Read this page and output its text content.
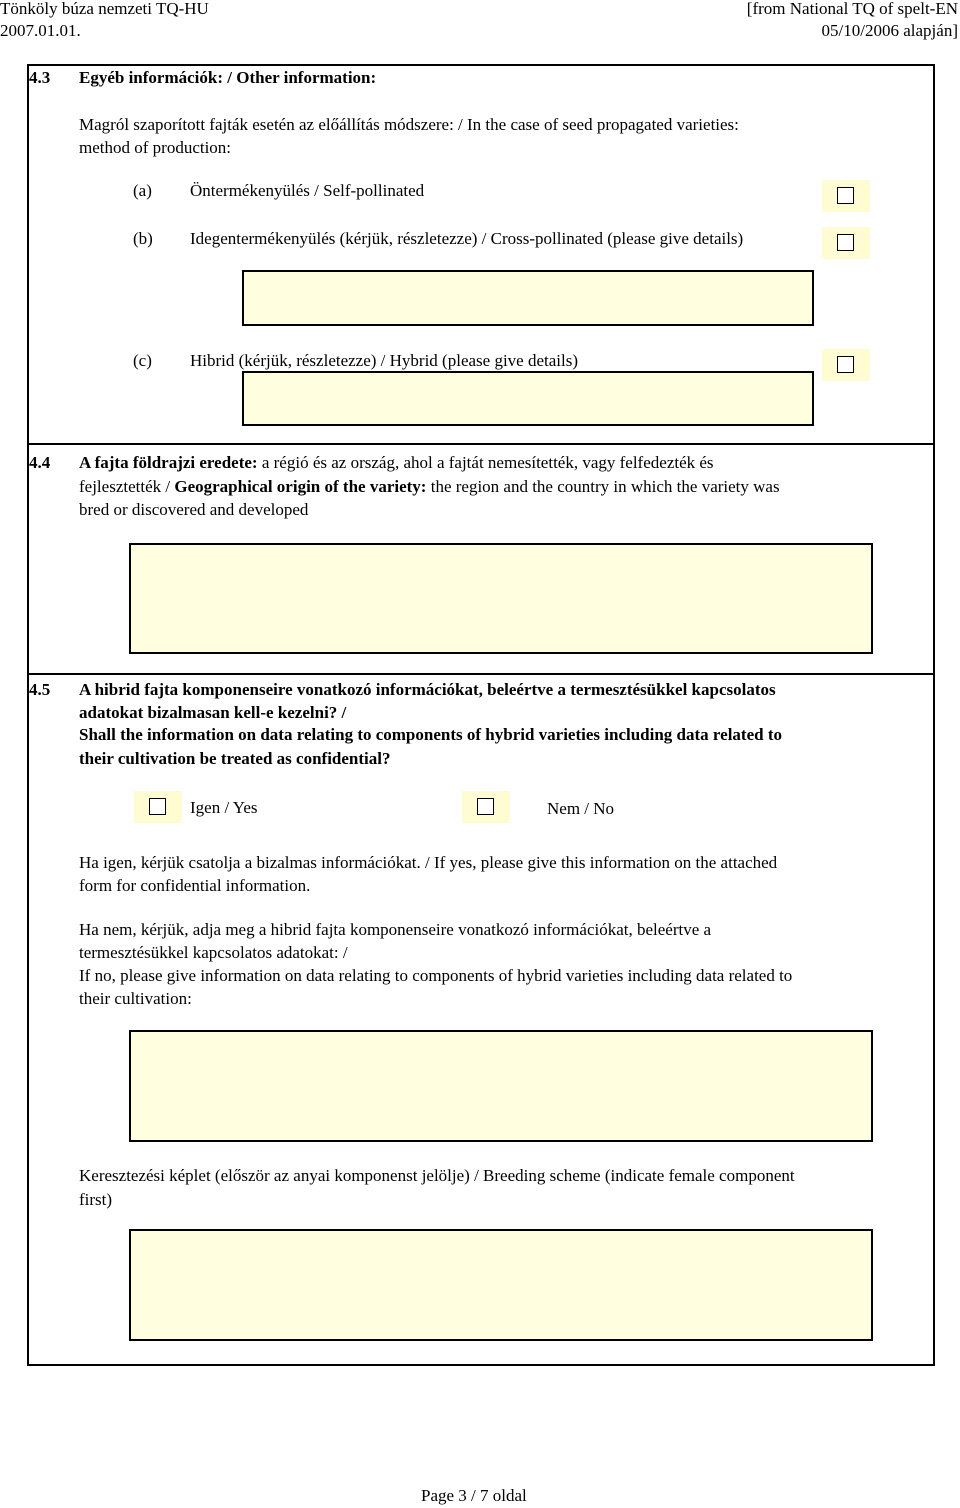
Tönköly búza nemzeti TQ-HU
2007.01.01.
[from National TQ of spelt-EN
05/10/2006 alapján]
4.3 Egyéb információk: / Other information:
Magról szaporított fajták esetén az előállítás módszere: / In the case of seed propagated varieties:
method of production:
(a) Öntermékenyülés / Self-pollinated
(b) Idegentermékenyülés (kérjük, részletezze) / Cross-pollinated (please give details)
(c) Hibrid (kérjük, részletezze) / Hybrid (please give details)
4.4 A fajta földrajzi eredete: a régió és az ország, ahol a fajtát nemesítették, vagy felfedezték és
fejlesztették / Geographical origin of the variety: the region and the country in which the variety was
bred or discovered and developed
4.5 A hibrid fajta komponenseire vonatkozó információkat, beleértve a termesztésükkel kapcsolatos
adatokat bizalmasan kell-e kezelni? /
Shall the information on data relating to components of hybrid varieties including data related to
their cultivation be treated as confidential?
Igen / Yes	Nem / No
Ha igen, kérjük csatolja a bizalmas információkat. / If yes, please give this information on the attached
form for confidential information.
Ha nem, kérjük, adja meg a hibrid fajta komponenseire vonatkozó információkat, beleértve a
termesztésükkel kapcsolatos adatokat: /
If no, please give information on data relating to components of hybrid varieties including data related to
their cultivation:
Keresztezési képlet (először az anyai komponenst jelölje) / Breeding scheme (indicate female component
first)
Page 3 / 7 oldal
